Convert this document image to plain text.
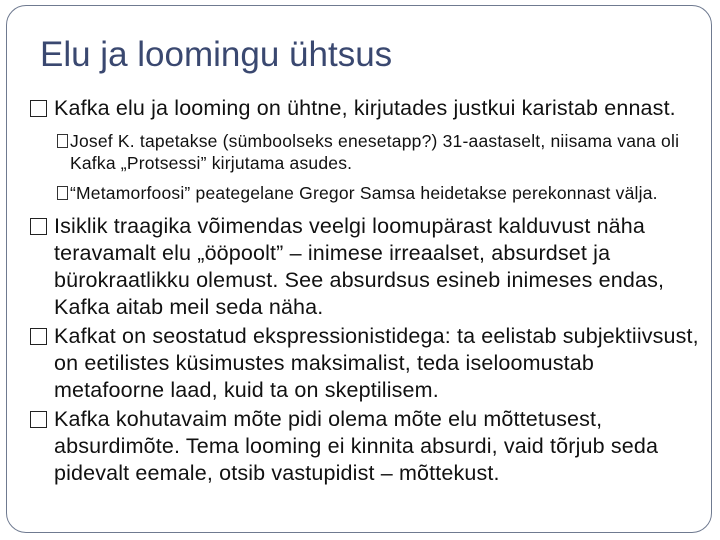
Elu ja loomingu ühtsus
Kafka elu ja looming on ühtne, kirjutades justkui karistab ennast.
Josef K. tapetakse (sümboolseks enesetapp?) 31-aastaselt, niisama vana oli Kafka „Protsessi” kirjutama asudes.
“Metamorfoosi” peategelane Gregor Samsa heidetakse perekonnast välja.
Isiklik traagika võimendas veelgi loomupärast kalduvust näha teravamalt elu „ööpoolt” – inimese irreaalset, absurdset ja bürokraatlikku olemust. See absurdsus esineb inimeses endas, Kafka aitab meil seda näha.
Kafkat on seostatud ekspressionistidega: ta eelistab subjektiivsust, on eetilistes küsimustes maksimalist, teda iseloomustab metafoorne laad, kuid ta on skeptilisem.
Kafka kohutavaim mõte pidi olema mõte elu mõttetusest, absurdimõte. Tema looming ei kinnita absurdi, vaid tõrjub seda pidevalt eemale, otsib vastupidist – mõttekust.
